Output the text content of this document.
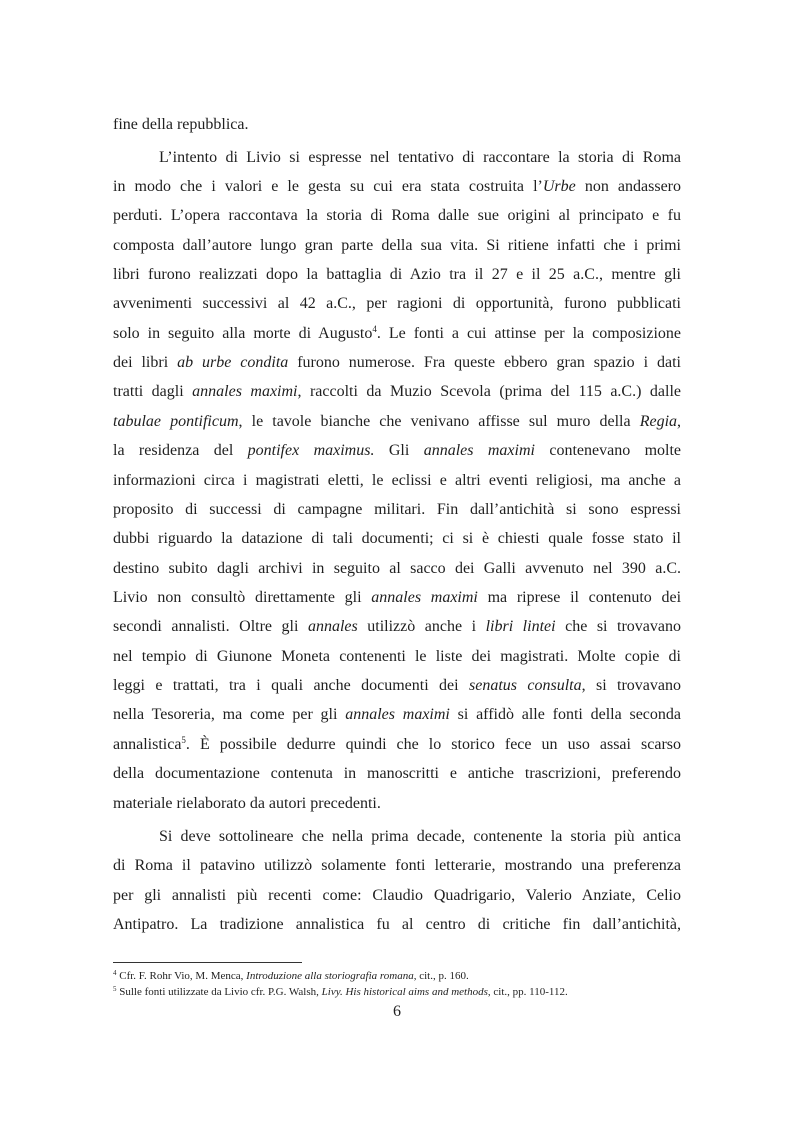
fine della repubblica.
L’intento di Livio si espresse nel tentativo di raccontare la storia di Roma
in modo che i valori e le gesta su cui era stata costruita l’Urbe non andassero
perduti. L’opera raccontava la storia di Roma dalle sue origini al principato e fu
composta dall’autore lungo gran parte della sua vita. Si ritiene infatti che i primi
libri furono realizzati dopo la battaglia di Azio tra il 27 e il 25 a.C., mentre gli
avvenimenti successivi al 42 a.C., per ragioni di opportunità, furono pubblicati
solo in seguito alla morte di Augusto$^4$. Le fonti a cui attinse per la composizione
dei libri ab urbe condita furono numerose. Fra queste ebbero gran spazio i dati
tratti dagli annales maximi, raccolti da Muzio Scevola (prima del 115 a.C.) dalle
tabulae pontificum, le tavole bianche che venivano affisse sul muro della Regia,
la residenza del pontifex maximus. Gli annales maximi contenevano molte
informazioni circa i magistrati eletti, le eclissi e altri eventi religiosi, ma anche a
proposito di successi di campagne militari. Fin dall’antichità si sono espressi
dubbi riguardo la datazione di tali documenti; ci si è chiesti quale fosse stato il
destino subito dagli archivi in seguito al sacco dei Galli avvenuto nel 390 a.C.
Livio non consultò direttamente gli annales maximi ma riprese il contenuto dei
secondi annalisti. Oltre gli annales utilizzò anche i libri lintei che si trovavano
nel tempio di Giunone Moneta contenenti le liste dei magistrati. Molte copie di
leggi e trattati, tra i quali anche documenti dei senatus consulta, si trovavano
nella Tesoreria, ma come per gli annales maximi si affidò alle fonti della seconda
annalistica$^5$. È possibile dedurre quindi che lo storico fece un uso assai scarso
della documentazione contenuta in manoscritti e antiche trascrizioni, preferendo
materiale rielaborato da autori precedenti.
Si deve sottolineare che nella prima decade, contenente la storia più antica
di Roma il patavino utilizzò solamente fonti letterarie, mostrando una preferenza
per gli annalisti più recenti come: Claudio Quadrigario, Valerio Anziate, Celio
Antipatro. La tradizione annalistica fu al centro di critiche fin dall’antichità,
$^4$ Cfr. F. Rohr Vio, M. Menca, Introduzione alla storiografia romana, cit., p. 160.
$^5$ Sulle fonti utilizzate da Livio cfr. P.G. Walsh, Livy. His historical aims and methods, cit., pp. 110-112.
6
